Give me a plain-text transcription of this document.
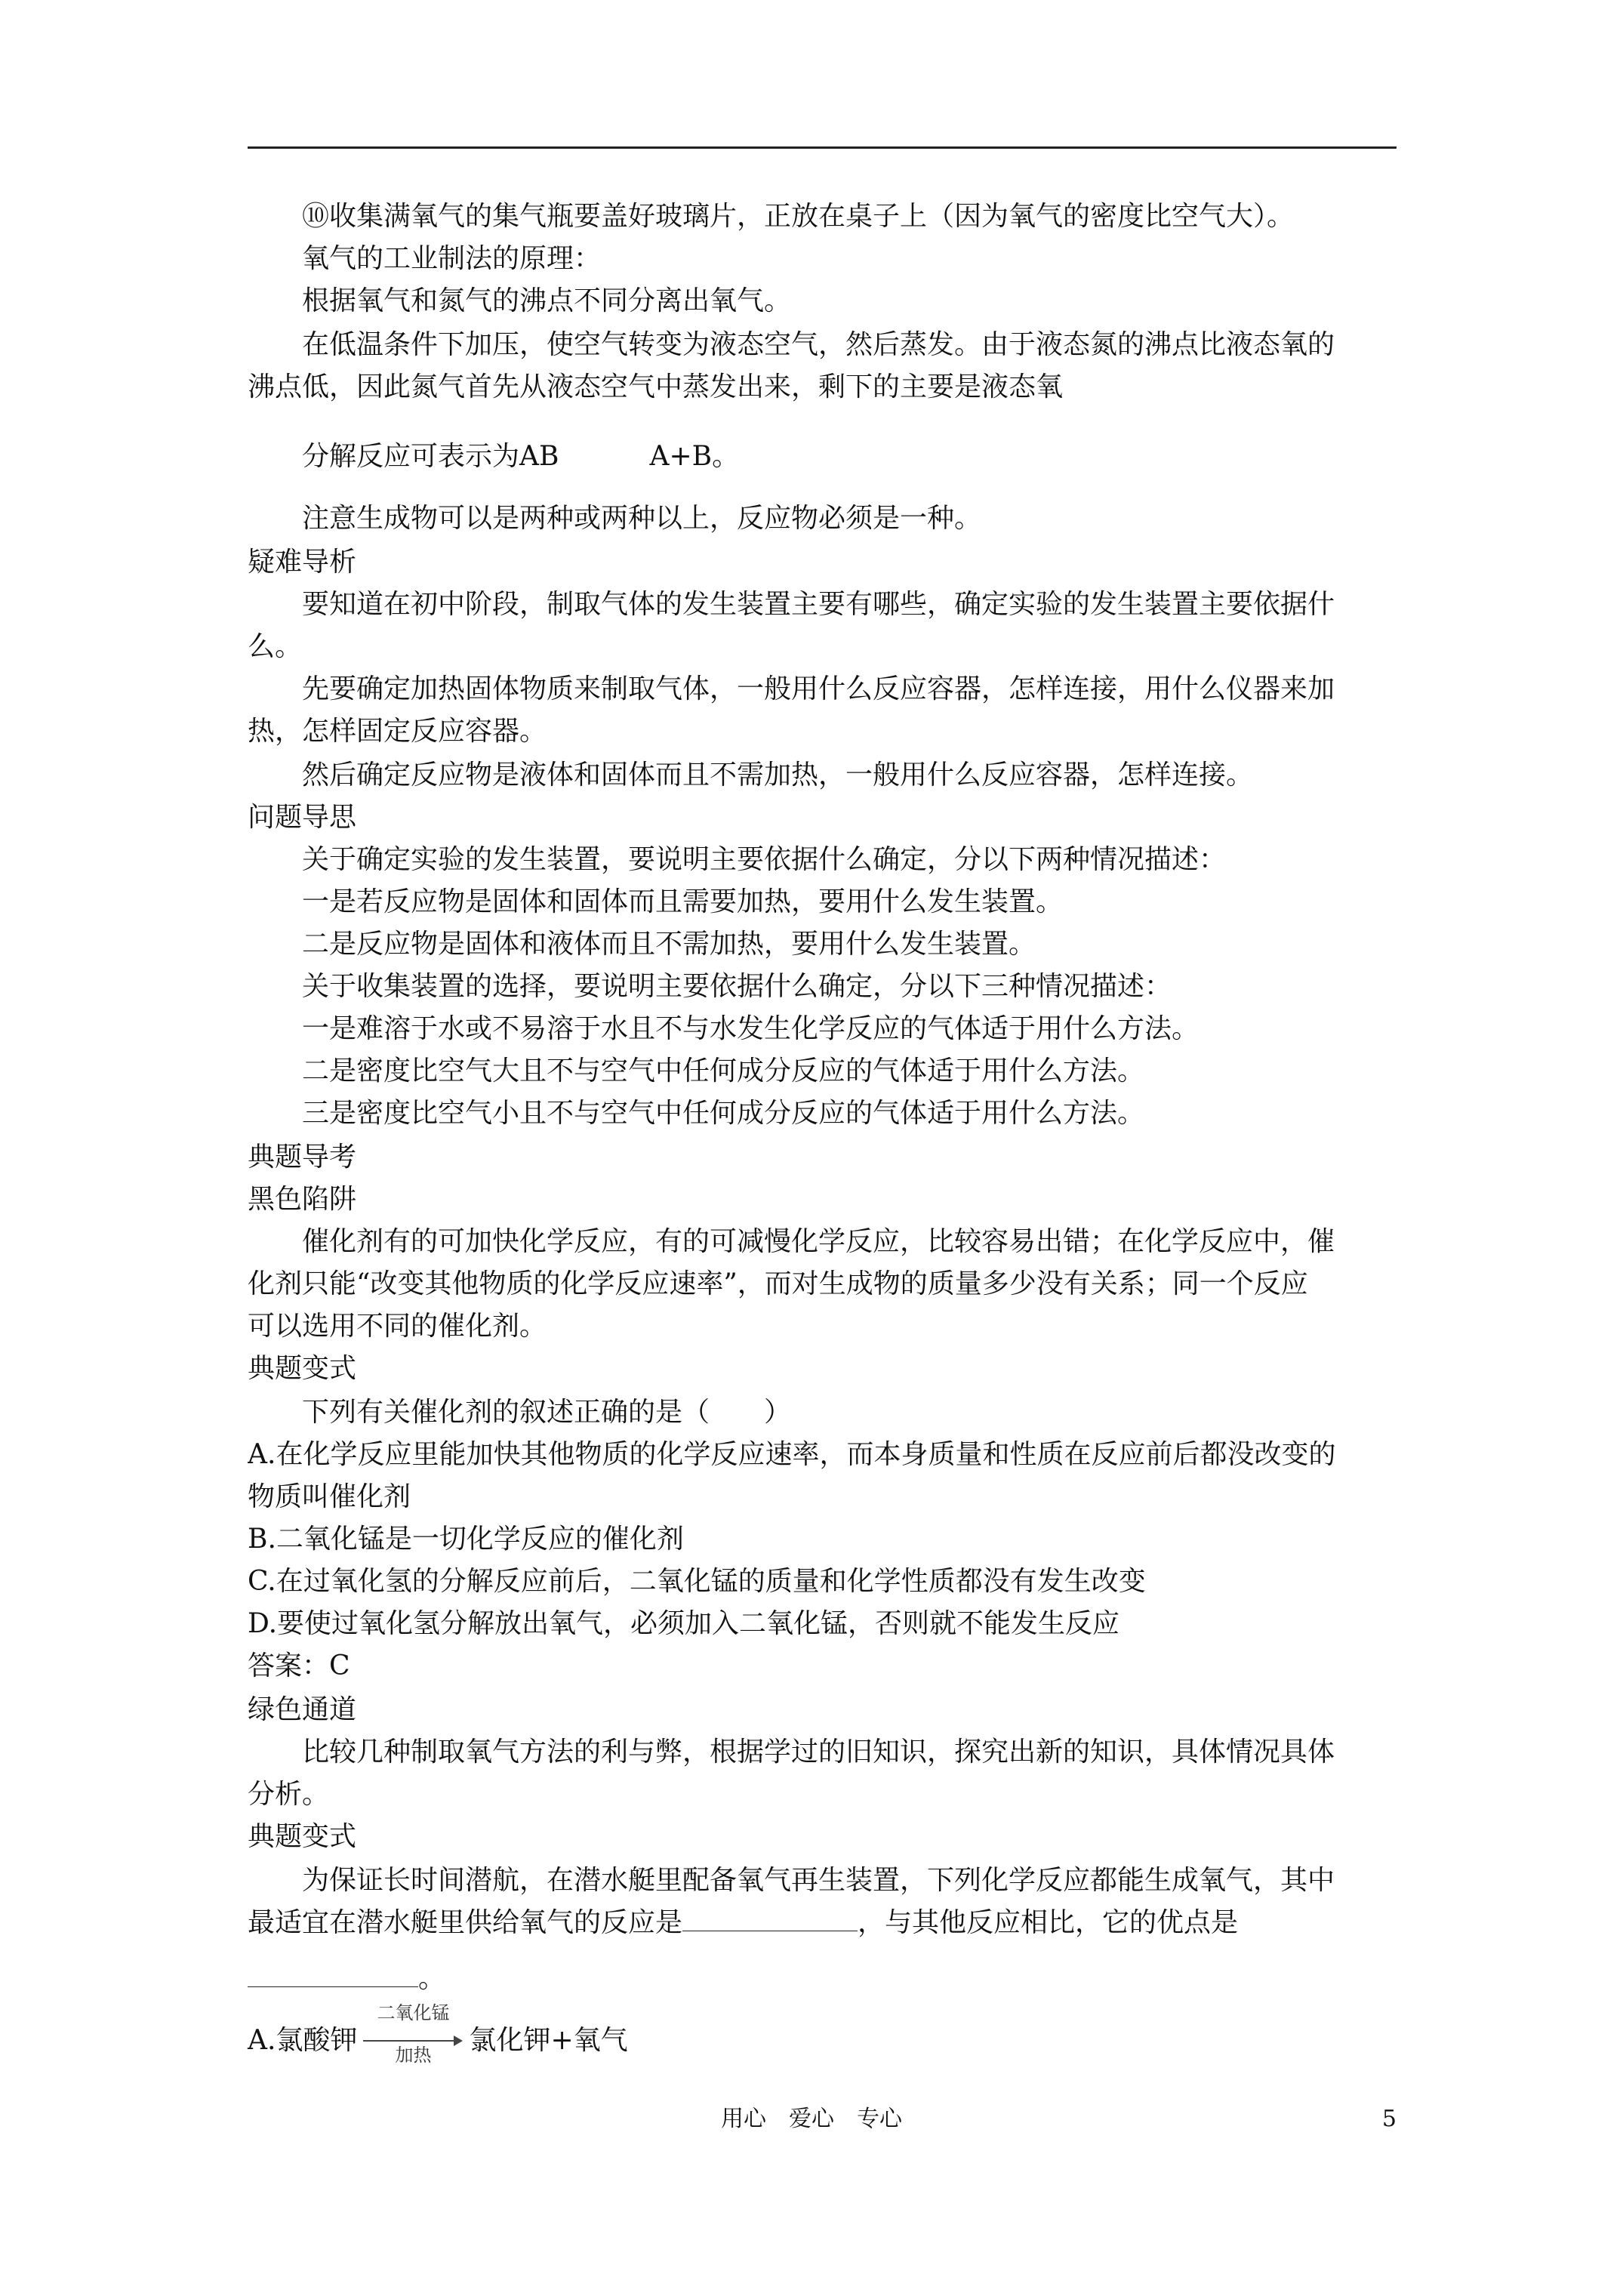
⑩收集满氧气的集气瓶要盖好玻璃片，正放在桌子上（因为氧气的密度比空气大）。
氧气的工业制法的原理：
根据氧气和氮气的沸点不同分离出氧气。
在低温条件下加压，使空气转变为液态空气，然后蒸发。由于液态氮的沸点比液态氧的
沸点低，因此氮气首先从液态空气中蒸发出来，剩下的主要是液态氧
分解反应可表示为AB	A+B。
注意生成物可以是两种或两种以上，反应物必须是一种。
疑难导析
要知道在初中阶段，制取气体的发生装置主要有哪些，确定实验的发生装置主要依据什
么。
先要确定加热固体物质来制取气体，一般用什么反应容器，怎样连接，用什么仪器来加
热，怎样固定反应容器。
然后确定反应物是液体和固体而且不需加热，一般用什么反应容器，怎样连接。
问题导思
关于确定实验的发生装置，要说明主要依据什么确定，分以下两种情况描述：
一是若反应物是固体和固体而且需要加热，要用什么发生装置。
二是反应物是固体和液体而且不需加热，要用什么发生装置。
关于收集装置的选择，要说明主要依据什么确定，分以下三种情况描述：
一是难溶于水或不易溶于水且不与水发生化学反应的气体适于用什么方法。
二是密度比空气大且不与空气中任何成分反应的气体适于用什么方法。
三是密度比空气小且不与空气中任何成分反应的气体适于用什么方法。
典题导考
黑色陷阱
催化剂有的可加快化学反应，有的可减慢化学反应，比较容易出错；在化学反应中，催
化剂只能“改变其他物质的化学反应速率”，而对生成物的质量多少没有关系；同一个反应
可以选用不同的催化剂。
典题变式
下列有关催化剂的叙述正确的是（　　）
A.在化学反应里能加快其他物质的化学反应速率，而本身质量和性质在反应前后都没改变的
物质叫催化剂
B.二氧化锰是一切化学反应的催化剂
C.在过氧化氢的分解反应前后，二氧化锰的质量和化学性质都没有发生改变
D.要使过氧化氢分解放出氧气，必须加入二氧化锰，否则就不能发生反应
答案：C
绿色通道
比较几种制取氧气方法的利与弊，根据学过的旧知识，探究出新的知识，具体情况具体
分析。
典题变式
为保证长时间潜航，在潜水艇里配备氧气再生装置，下列化学反应都能生成氧气，其中
最适宜在潜水艇里供给氧气的反应是	，与其他反应相比，它的优点是
。
A.氯酸钾
二氧化锰
加热	氯化钾+氧气
用心　爱心　专心	5
